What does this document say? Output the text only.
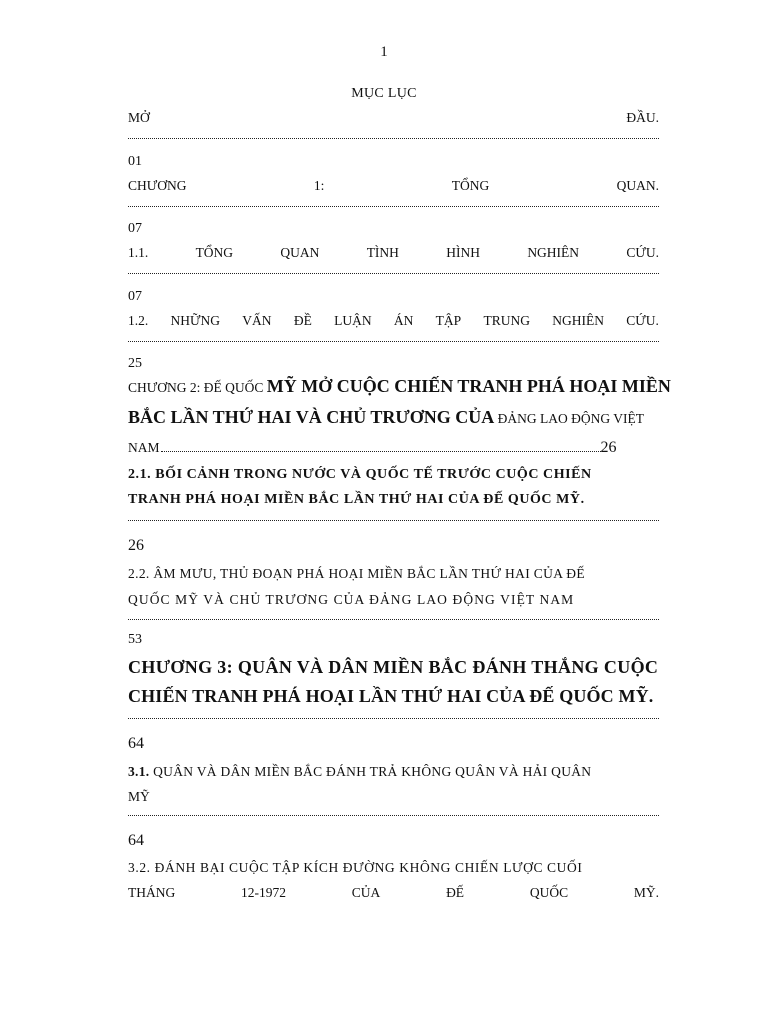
1
MỤC LỤC
MỞ	ĐẦU.
01
CHƯƠNG	1:	TỔNG	QUAN.
07
1.1.	TỔNG	QUAN	TÌNH	HÌNH	NGHIÊN	CỨU.
07
1.2. NHỮNG VẤN ĐỀ LUẬN ÁN TẬP TRUNG NGHIÊN CỨU.
25
CHƯƠNG 2: ĐẾ QUỐC MỸ MỞ CUỘC CHIẾN TRANH PHÁ HOẠI MIỀN
BẮC LẦN THỨ HAI VÀ CHỦ TRƯƠNG CỦA ĐẢNG LAO ĐỘNG VIỆT
NAM	26
2.1. BỐI CẢNH TRONG NƯỚC VÀ QUỐC TẾ TRƯỚC CUỘC CHIẾN
TRANH PHÁ HOẠI MIỀN BẮC LẦN THỨ HAI CỦA ĐẾ QUỐC MỸ.
26
2.2. ÂM MƯU, THỦ ĐOẠN PHÁ HOẠI MIỀN BẮC LẦN THỨ HAI CỦA ĐẾ
QUỐC MỸ VÀ CHỦ TRƯƠNG CỦA ĐẢNG LAO ĐỘNG VIỆT NAM
53
CHƯƠNG 3: QUÂN VÀ DÂN MIỀN BẮC ĐÁNH THẮNG CUỘC
CHIẾN TRANH PHÁ HOẠI LẦN THỨ HAI CỦA ĐẾ QUỐC MỸ.
64
3.1. QUÂN VÀ DÂN MIỀN BẮC ĐÁNH TRẢ KHÔNG QUÂN VÀ HẢI QUÂN
MỸ
64
3.2. ĐÁNH BẠI CUỘC TẬP KÍCH ĐƯỜNG KHÔNG CHIẾN LƯỢC CUỐI
THÁNG	12-1972	CỦA	ĐẾ	QUỐC	MỸ.
